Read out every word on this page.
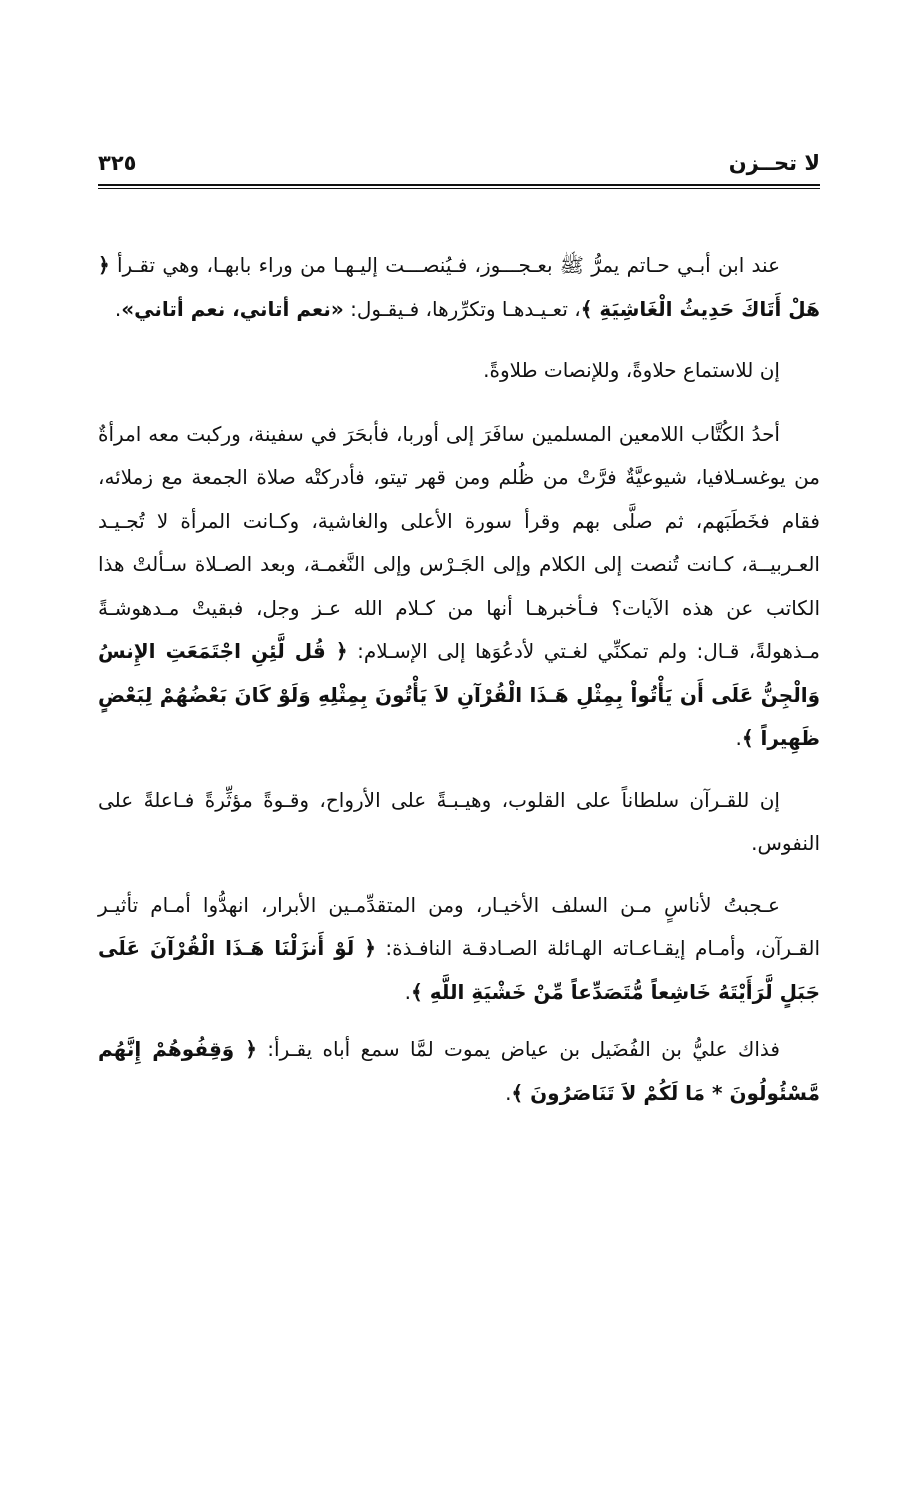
لا تحــزن
٣٢٥

عند ابن أبـي حـاتم يمرُّ ﷺ بعـجـــوز، فـيُنصـــت إليـهـا من وراء بابهـا، وهي تقـرأ ﴿ هَلْ أَتَاكَ حَدِيثُ الْغَاشِيَةِ ﴾، تعـيـدهـا وتكرِّرها، فـيقـول: «نعم أتاني، نعم أتاني».

إن للاستماع حلاوةً، وللإنصات طلاوةً.

أحدُ الكُتَّاب اللامعين المسلمين سافَرَ إلى أوربا، فأبحَرَ في سفينة، وركبت معه امرأةٌ من يوغسـلافيا، شيوعيَّةٌ فرَّتْ من ظُلم ومن قهر تيتو، فأدركتْه صلاة الجمعة مع زملائه، فقام فخَطَبَهم، ثم صلَّى بهم وقرأ سورة الأعلى والغاشية، وكـانت المرأة لا تُجـيـد العـربيــة، كـانت تُنصت إلى الكلام وإلى الجَـرْس وإلى النَّغمـة، وبعد الصـلاة سـألتْ هذا الكاتب عن هذه الآيات؟ فـأخبرهـا أنها من كـلام الله عـز وجل، فبقيتْ مـدهوشـةً مـذهولةً، قـال: ولم تمكنِّي لغـتي لأدعُوَها إلى الإسـلام: ﴿ قُل لَّئِنِ اجْتَمَعَتِ الإِنسُ وَالْجِنُّ عَلَى أَن يَأْتُواْ بِمِثْلِ هَـذَا الْقُرْآنِ لاَ يَأْتُونَ بِمِثْلِهِ وَلَوْ كَانَ بَعْضُهُمْ لِبَعْضٍ ظَهِيراً ﴾.

إن للقـرآن سلطاناً على القلوب، وهيـبـةً على الأرواح، وقـوةً مؤثِّرةً فـاعلةً على النفوس.

عـجبتُ لأناسٍ مـن السلف الأخيـار، ومن المتقدِّمـين الأبرار، انهدُّوا أمـام تأثيـر القـرآن، وأمـام إيقـاعـاته الهـائلة الصـادقـة النافـذة: ﴿ لَوْ أَنزَلْنَا هَـذَا الْقُرْآنَ عَلَى جَبَلٍ لَّرَأَيْتَهُ خَاشِعاً مُّتَصَدِّعاً مِّنْ خَشْيَةِ اللَّهِ ﴾.

فذاك عليُّ بن الفُضَيل بن عياض يموت لمَّا سمع أباه يقـرأ: ﴿ وَقِفُوهُمْ إِنَّهُم مَّسْئُولُونَ * مَا لَكُمْ لاَ تَنَاصَرُونَ ﴾.
